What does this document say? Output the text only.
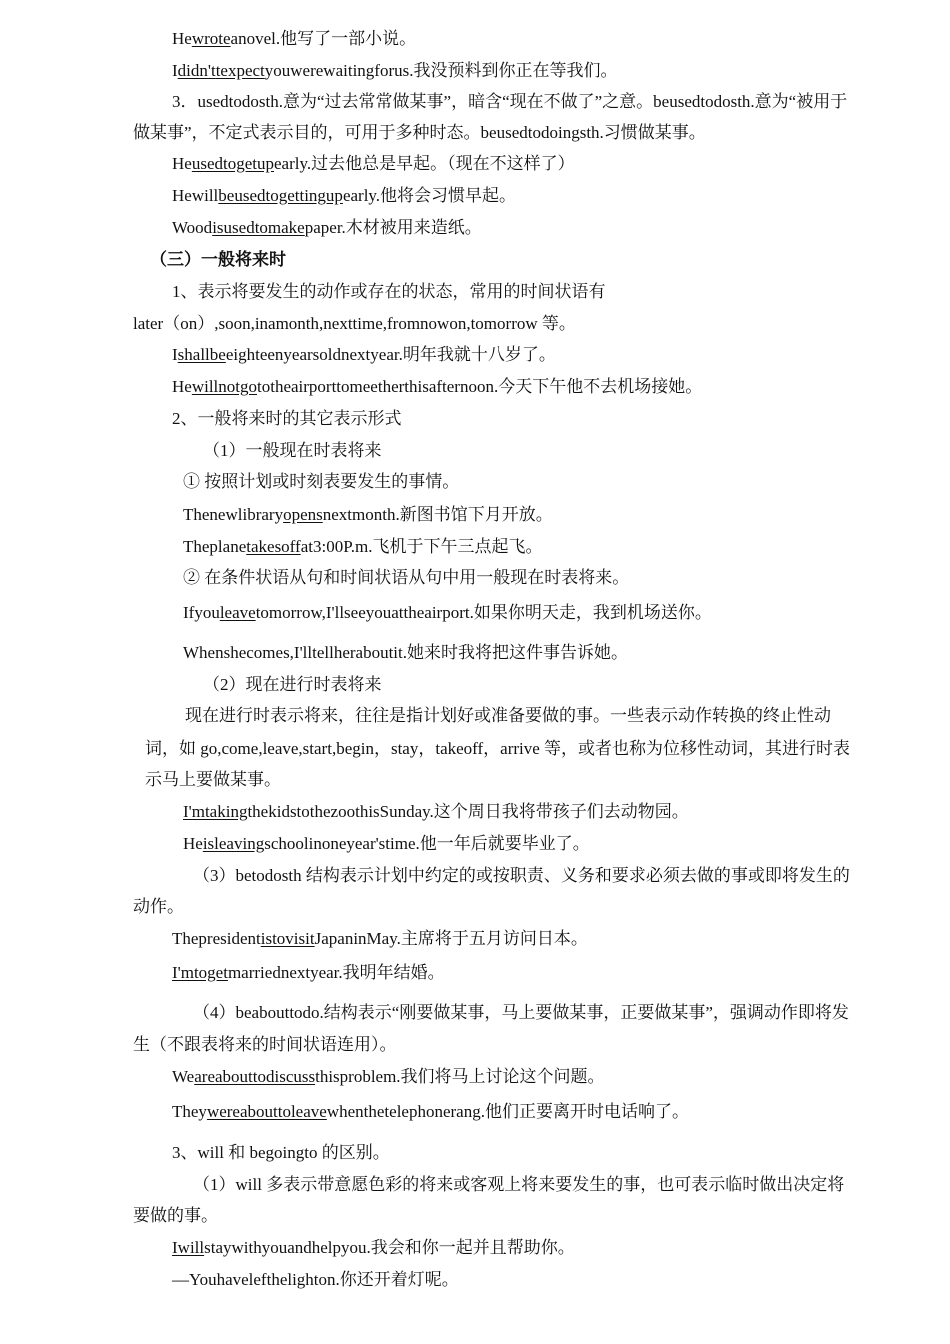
Hewroteanovel.他写了一部小说。
Ididn'ttexpectyouwerewaitingforus.我没预料到你正在等我们。
3．usedtodosth.意为“过去常常做某事”，暗含“现在不做了”之意。beusedtodosth.意为“被用于
做某事”，不定式表示目的，可用于多种时态。beusedtodoingsth.习惯做某事。
Heusedtogetupearly.过去他总是早起。（现在不这样了）
Hewillbeusedtogettingupearly.他将会习惯早起。
Woodisusedtomakepaper.木材被用来造纸。
（三）一般将来时
1、表示将要发生的动作或存在的状态，常用的时间状语有
later（on）,soon,inamonth,nexttime,fromnowon,tomorrow 等。
Ishallbeeighteenyearsoldnextyear.明年我就十八岁了。
Hewillnotgototheairporttomeetherthisafternoon.今天下午他不去机场接她。
2、一般将来时的其它表示形式
（1）一般现在时表将来
① 按照计划或时刻表要发生的事情。
Thenewlibraryopensnextmonth.新图书馆下月开放。
Theplanetakesoffat3:00P.m.飞机于下午三点起飞。
② 在条件状语从句和时间状语从句中用一般现在时表将来。
Ifyouleavetomorrow,I'llseeyouattheairport.如果你明天走，我到机场送你。
Whenshecomes,I'lltellheraboutit.她来时我将把这件事告诉她。
（2）现在进行时表将来
现在进行时表示将来，往往是指计划好或准备要做的事。一些表示动作转换的终止性动
词，如 go,come,leave,start,begin，stay，takeoff，arrive 等，或者也称为位移性动词，其进行时表
示马上要做某事。
I'mtakingthekidstothezoothisSunday.这个周日我将带孩子们去动物园。
Heisleavingschoolinoneyear'stime.他一年后就要毕业了。
（3）betodosth 结构表示计划中约定的或按职责、义务和要求必须去做的事或即将发生的
动作。
ThepresidentistovisitJapaninMay.主席将于五月访问日本。
I'mtogetmarriednextyear.我明年结婚。
（4）beabouttodo.结构表示“刚要做某事，马上要做某事，正要做某事”，强调动作即将发
生（不跟表将来的时间状语连用）。
Weareabouttodiscussthisproblem.我们将马上讨论这个问题。
Theywereabouttoleavewhenthetelephonerang.他们正要离开时电话响了。
3、will 和 begoingto 的区别。
（1）will 多表示带意愿色彩的将来或客观上将来要发生的事，也可表示临时做出决定将
要做的事。
Iwillstaywithyouandhelpyou.我会和你一起并且帮助你。
—Youhavelefthelighton.你还开着灯呢。
